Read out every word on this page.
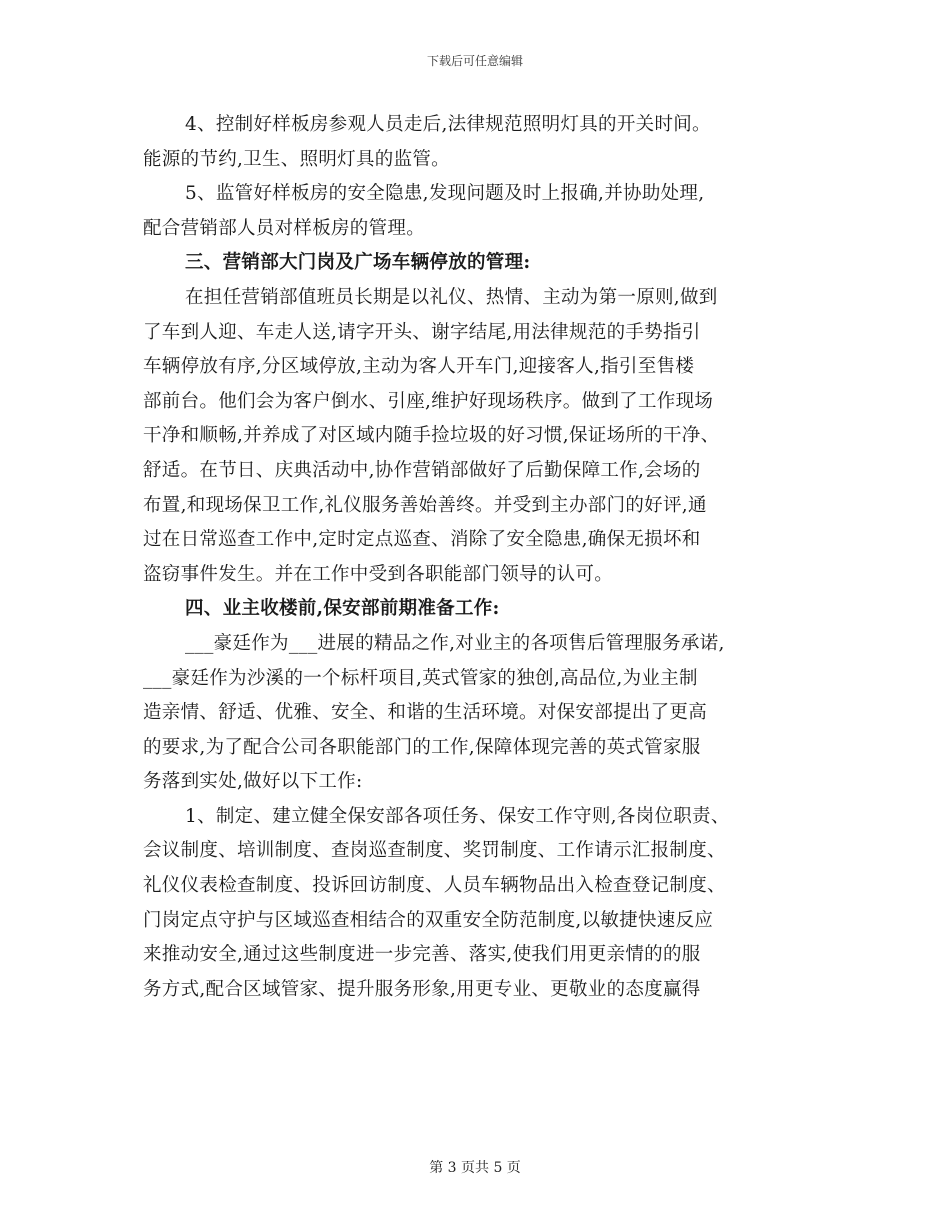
下载后可任意编辑
4、控制好样板房参观人员走后,法律规范照明灯具的开关时间。
能源的节约,卫生、照明灯具的监管。
5、监管好样板房的安全隐患,发现问题及时上报确,并协助处理,
配合营销部人员对样板房的管理。
三、营销部大门岗及广场车辆停放的管理:
在担任营销部值班员长期是以礼仪、热情、主动为第一原则,做到
了车到人迎、车走人送,请字开头、谢字结尾,用法律规范的手势指引
车辆停放有序,分区域停放,主动为客人开车门,迎接客人,指引至售楼
部前台。他们会为客户倒水、引座,维护好现场秩序。做到了工作现场
干净和顺畅,并养成了对区域内随手捡垃圾的好习惯,保证场所的干净、
舒适。在节日、庆典活动中,协作营销部做好了后勤保障工作,会场的
布置,和现场保卫工作,礼仪服务善始善终。并受到主办部门的好评,通
过在日常巡查工作中,定时定点巡查、消除了安全隐患,确保无损坏和
盗窃事件发生。并在工作中受到各职能部门领导的认可。
四、业主收楼前,保安部前期准备工作:
___豪廷作为___进展的精品之作,对业主的各项售后管理服务承诺,
___豪廷作为沙溪的一个标杆项目,英式管家的独创,高品位,为业主制
造亲情、舒适、优雅、安全、和谐的生活环境。对保安部提出了更高
的要求,为了配合公司各职能部门的工作,保障体现完善的英式管家服
务落到实处,做好以下工作:
1、制定、建立健全保安部各项任务、保安工作守则,各岗位职责、
会议制度、培训制度、查岗巡查制度、奖罚制度、工作请示汇报制度、
礼仪仪表检查制度、投诉回访制度、人员车辆物品出入检查登记制度、
门岗定点守护与区域巡查相结合的双重安全防范制度,以敏捷快速反应
来推动安全,通过这些制度进一步完善、落实,使我们用更亲情的的服
务方式,配合区域管家、提升服务形象,用更专业、更敬业的态度赢得
第 3 页共 5 页
